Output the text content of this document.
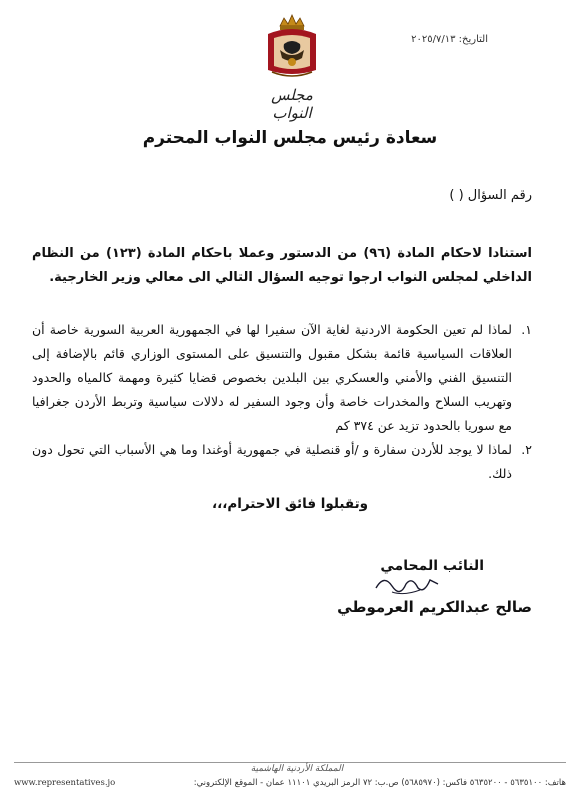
التاريخ: ٢٠٢٥/٧/١٣
مجلس النواب
سعادة رئيس مجلس النواب المحترم
رقم السؤال ( )
استنادا لاحكام المادة (٩٦) من الدستور وعملا باحكام المادة (١٢٣) من النظام الداخلي لمجلس النواب ارجوا توجيه السؤال التالي الى معالي وزير الخارجية.
١.
لماذا لم تعين الحكومة الاردنية لغاية الآن سفيرا لها في الجمهورية العربية السورية خاصة أن العلاقات السياسية قائمة بشكل مقبول والتنسيق على المستوى الوزاري قائم بالإضافة إلى التنسيق الفني والأمني والعسكري بين البلدين بخصوص قضايا كثيرة ومهمة كالمياه والحدود وتهريب السلاح والمخدرات خاصة وأن وجود السفير له دلالات سياسية وتربط الأردن جغرافيا مع سوريا بالحدود تزيد عن ٣٧٤ كم
٢.
لماذا لا يوجد للأردن سفارة و /أو قنصلية في جمهورية أوغندا وما هي الأسباب التي تحول دون ذلك.
وتقبلوا فائق الاحترام،،،
النائب المحامي
صالح عبدالكريم العرموطي
المملكة الأردنية الهاشمية
هاتف: ٥٦٣٥١٠٠ - ٥٦٣٥٢٠٠ فاكس: (٥٦٨٥٩٧٠) ص.ب: ٧٢ الرمز البريدي ١١١٠١ عمان - الموقع الإلكتروني:
www.representatives.jo
